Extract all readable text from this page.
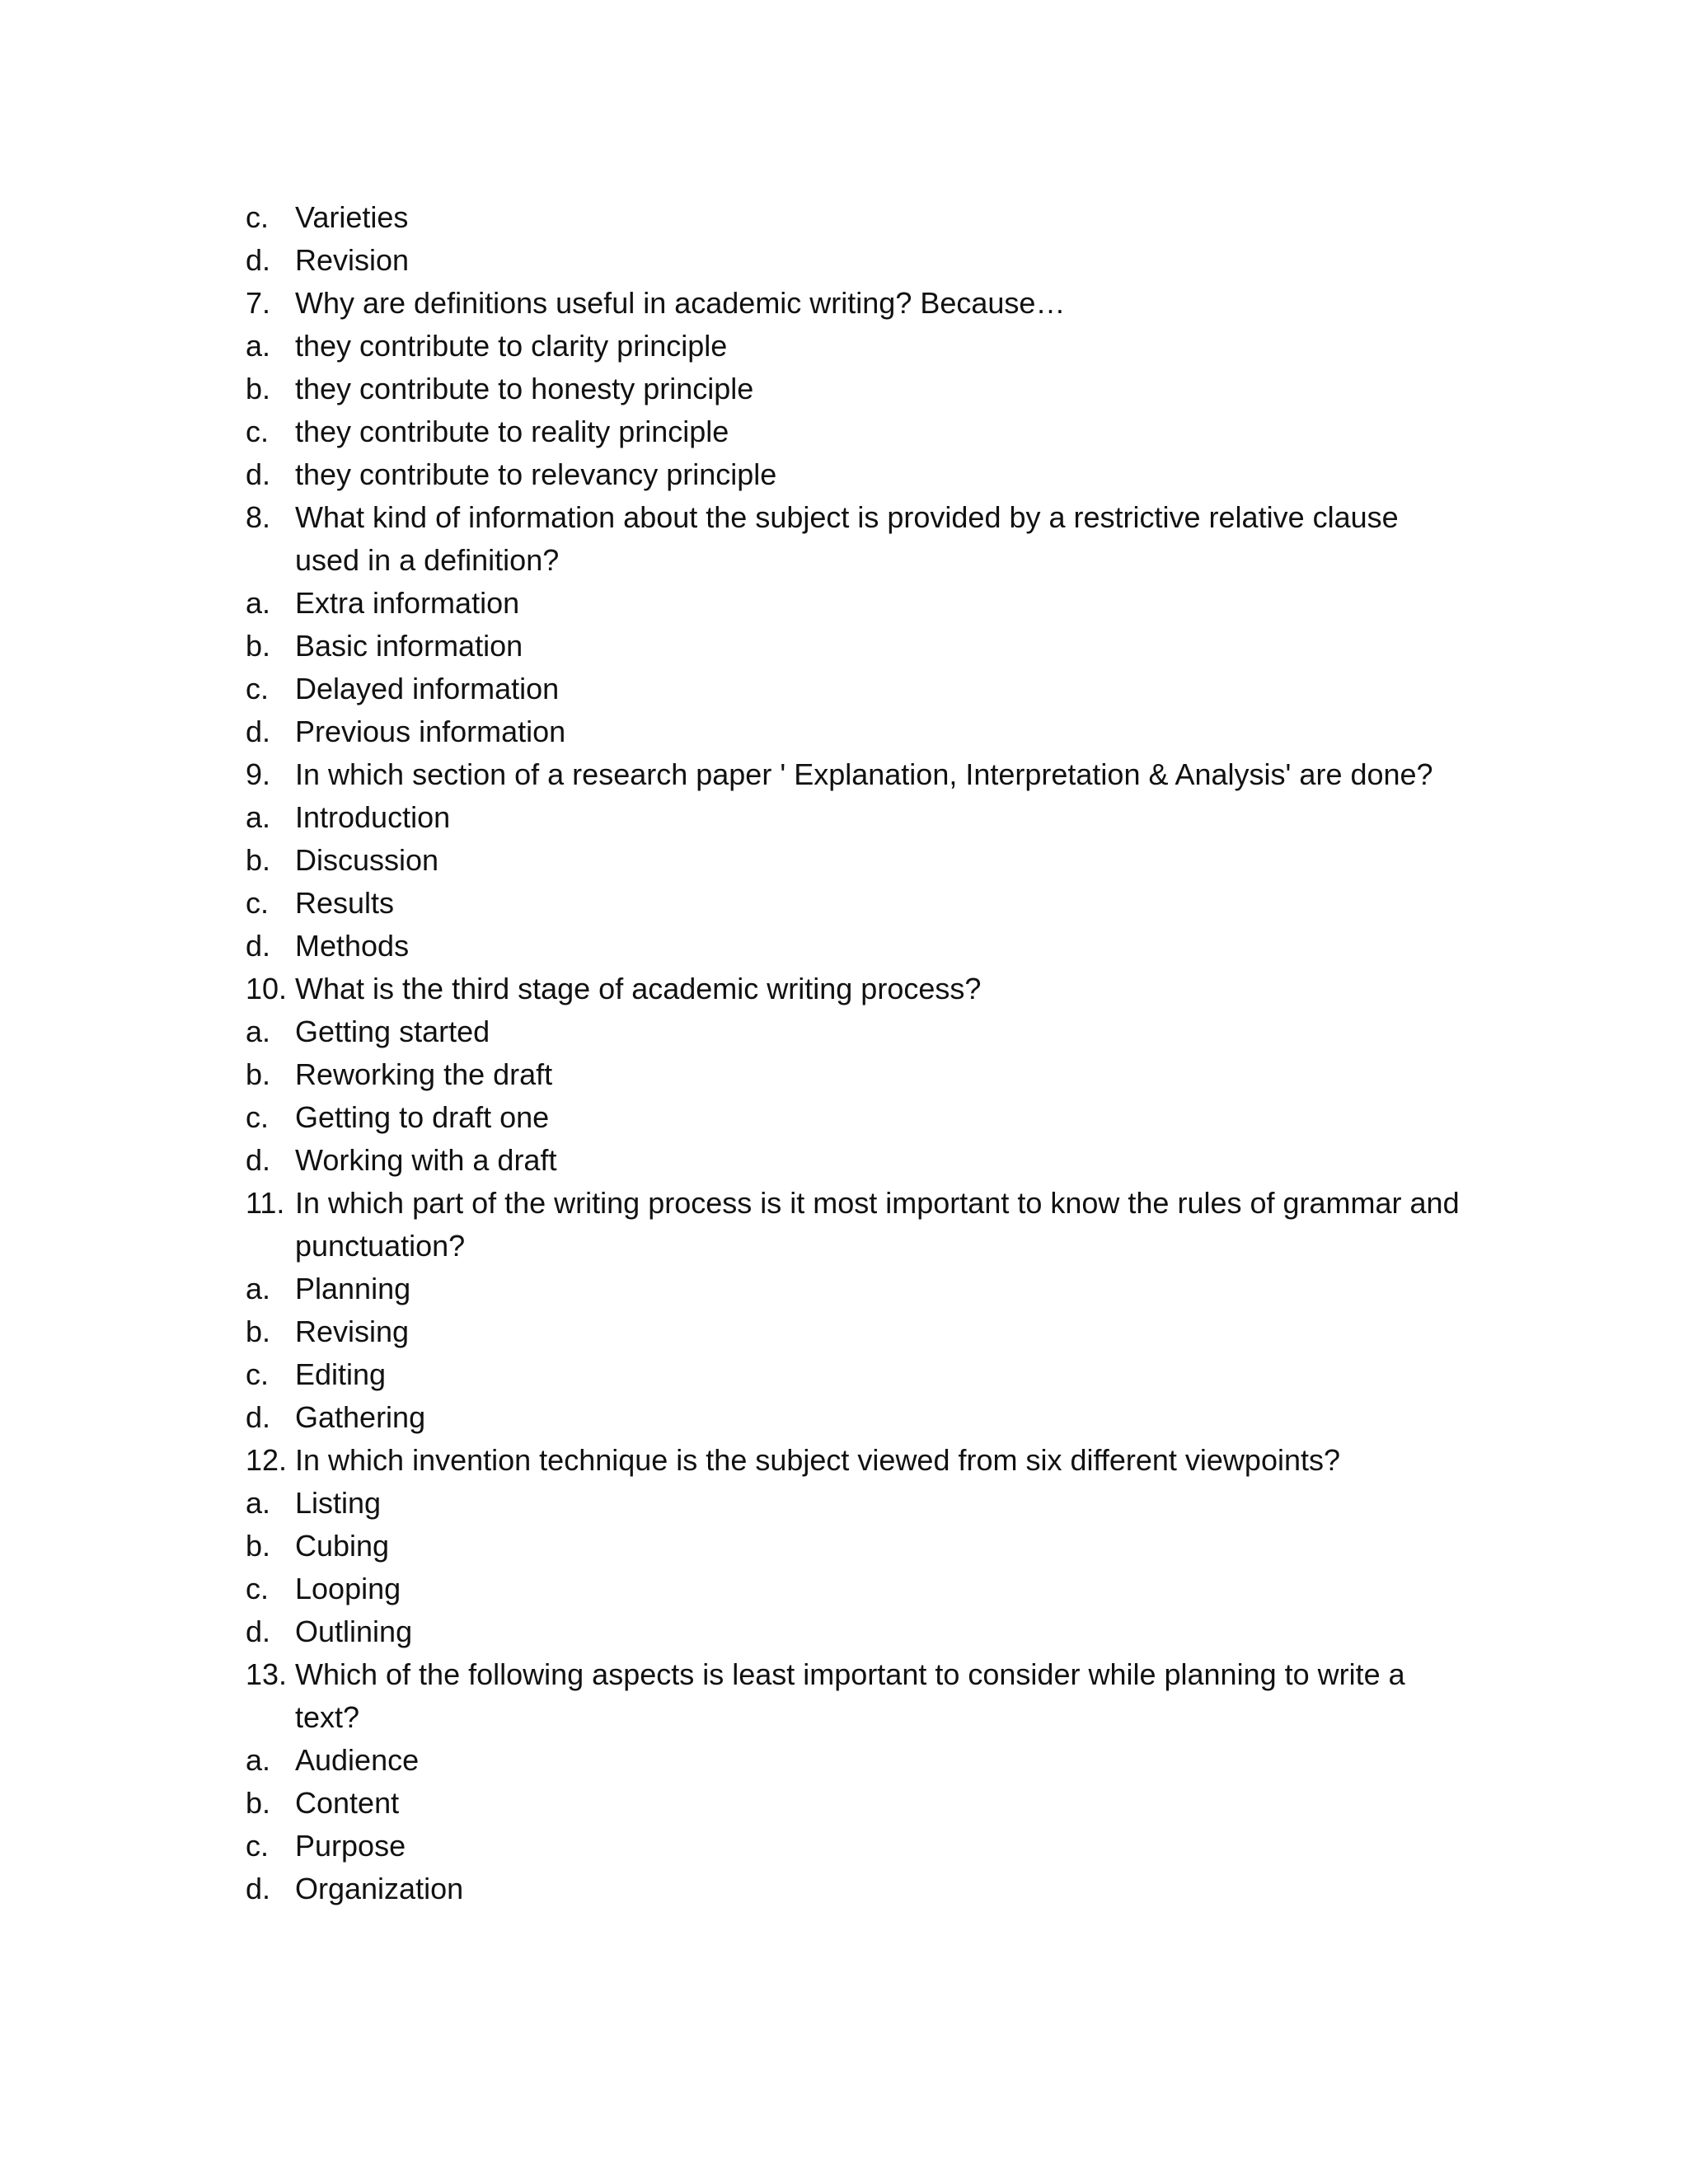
c. Varieties
d. Revision
7. Why are definitions useful in academic writing? Because…
a. they contribute to clarity principle
b. they contribute to honesty principle
c. they contribute to reality principle
d. they contribute to relevancy principle
8. What kind of information about the subject is provided by a restrictive relative clause used in a definition?
a. Extra information
b. Basic information
c. Delayed information
d. Previous information
9. In which section of a research paper ' Explanation, Interpretation & Analysis' are done?
a. Introduction
b. Discussion
c. Results
d. Methods
10. What is the third stage of academic writing process?
a. Getting started
b. Reworking the draft
c. Getting to draft one
d. Working with a draft
11. In which part of the writing process is it most important to know the rules of grammar and punctuation?
a. Planning
b. Revising
c. Editing
d. Gathering
12. In which invention technique is the subject viewed from six different viewpoints?
a. Listing
b. Cubing
c. Looping
d. Outlining
13. Which of the following aspects is least important to consider while planning to write a text?
a. Audience
b. Content
c. Purpose
d. Organization
